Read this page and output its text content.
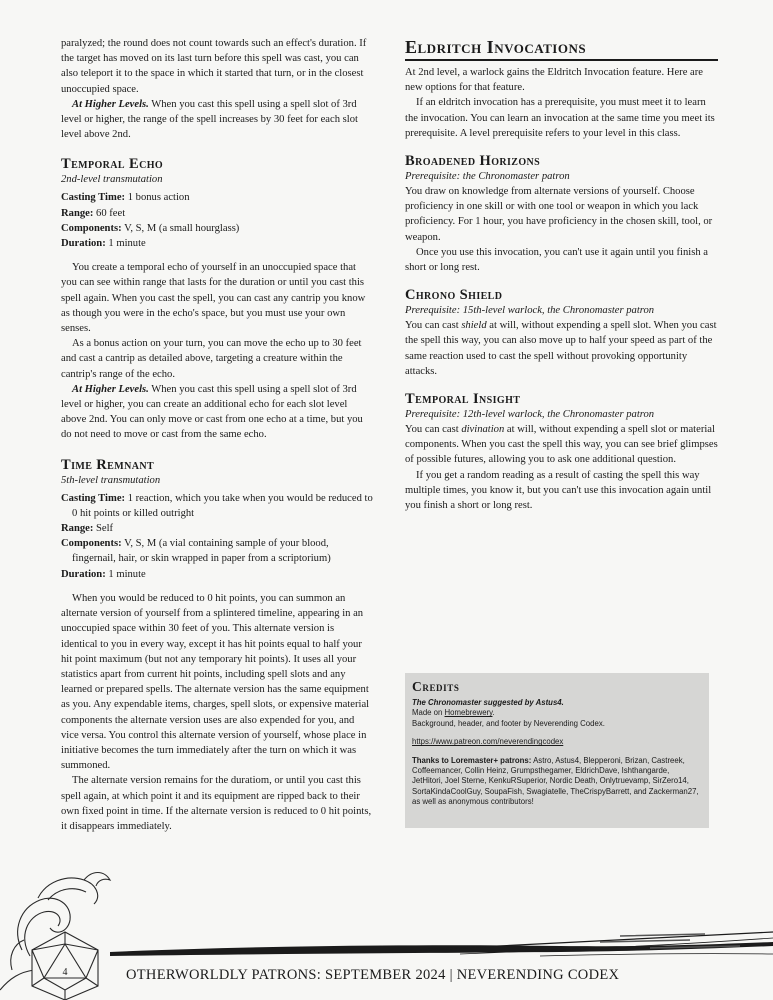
paralyzed; the round does not count towards such an effect's duration. If the target has moved on its last turn before this spell was cast, you can also teleport it to the space in which it started that turn, or in the closest unoccupied space.

At Higher Levels. When you cast this spell using a spell slot of 3rd level or higher, the range of the spell increases by 30 feet for each slot level above 2nd.

Temporal Echo

2nd-level transmutation

Casting Time: 1 bonus action

Range: 60 feet

Components: V, S, M (a small hourglass)

Duration: 1 minute

You create a temporal echo of yourself in an unoccupied space that you can see within range that lasts for the duration or until you cast this spell again. When you cast the spell, you can cast any cantrip you know as though you were in the echo's space, but you must use your own senses.

As a bonus action on your turn, you can move the echo up to 30 feet and cast a cantrip as detailed above, targeting a creature within the cantrip's range of the echo.

At Higher Levels. When you cast this spell using a spell slot of 3rd level or higher, you can create an additional echo for each slot level above 2nd. You can only move or cast from one echo at a time, but you do not need to move or cast from the same echo.

Time Remnant

5th-level transmutation

Casting Time: 1 reaction, which you take when you would be reduced to 0 hit points or killed outright

Range: Self

Components: V, S, M (a vial containing sample of your blood, fingernail, hair, or skin wrapped in paper from a scriptorium)

Duration: 1 minute

When you would be reduced to 0 hit points, you can summon an alternate version of yourself from a splintered timeline, appearing in an unoccupied space within 30 feet of you. This alternate version is identical to you in every way, except it has hit points equal to half your hit point maximum (but not any temporary hit points). It uses all your statistics apart from current hit points, including spell slots and any learned or prepared spells. The alternate version has the same equipment as you. Any expendable items, charges, spell slots, or expensive material components the alternate version uses are also expended for you, and vice versa. You control this alternate version of yourself, whose place in initiative becomes the turn immediately after the turn on which it was summoned.

The alternate version remains for the duratiom, or until you cast this spell again, at which point it and its equipment are ripped back to their own fixed point in time. If the alternate version is reduced to 0 hit points, it disappears immediately.

Eldritch Invocations

At 2nd level, a warlock gains the Eldritch Invocation feature. Here are new options for that feature.

If an eldritch invocation has a prerequisite, you must meet it to learn the invocation. You can learn an invocation at the same time you meet its prerequisite. A level prerequisite refers to your level in this class.

Broadened Horizons

Prerequisite: the Chronomaster patron

You draw on knowledge from alternate versions of yourself. Choose proficiency in one skill or with one tool or weapon in which you lack proficiency. For 1 hour, you have proficiency in the chosen skill, tool, or weapon.

Once you use this invocation, you can't use it again until you finish a short or long rest.

Chrono Shield

Prerequisite: 15th-level warlock, the Chronomaster patron

You can cast shield at will, without expending a spell slot. When you cast the spell this way, you can also move up to half your speed as part of the same reaction used to cast the spell without provoking opportunity attacks.

Temporal Insight

Prerequisite: 12th-level warlock, the Chronomaster patron

You can cast divination at will, without expending a spell slot or material components. When you cast the spell this way, you can see brief glimpses of possible futures, allowing you to ask one additional question.

If you get a random reading as a result of casting the spell this way multiple times, you know it, but you can't use this invocation again until you finish a short or long rest.

Credits

The Chronomaster suggested by Astus4.

Made on Homebrewery.

Background, header, and footer by Neverending Codex.

https://www.patreon.com/neverendingcodex

Thanks to Loremaster+ patrons: Astro, Astus4, Blepperoni, Brizan, Castreek, Coffeemancer, Collin Heinz, Grumpsthegamer, EldrichDave, Ishthangarde, JetHitori, Joel Sterne, KenkuRSuperior, Nordic Death, Onlytruevamp, SirZero14, SortaKindaCoolGuy, SoupaFish, Swagiatelle, TheCrispyBarrett, and Zackerman27, as well as anonymous contributors!

4	OTHERWORLDLY PATRONS: SEPTEMBER 2024 | NEVERENDING CODEX
